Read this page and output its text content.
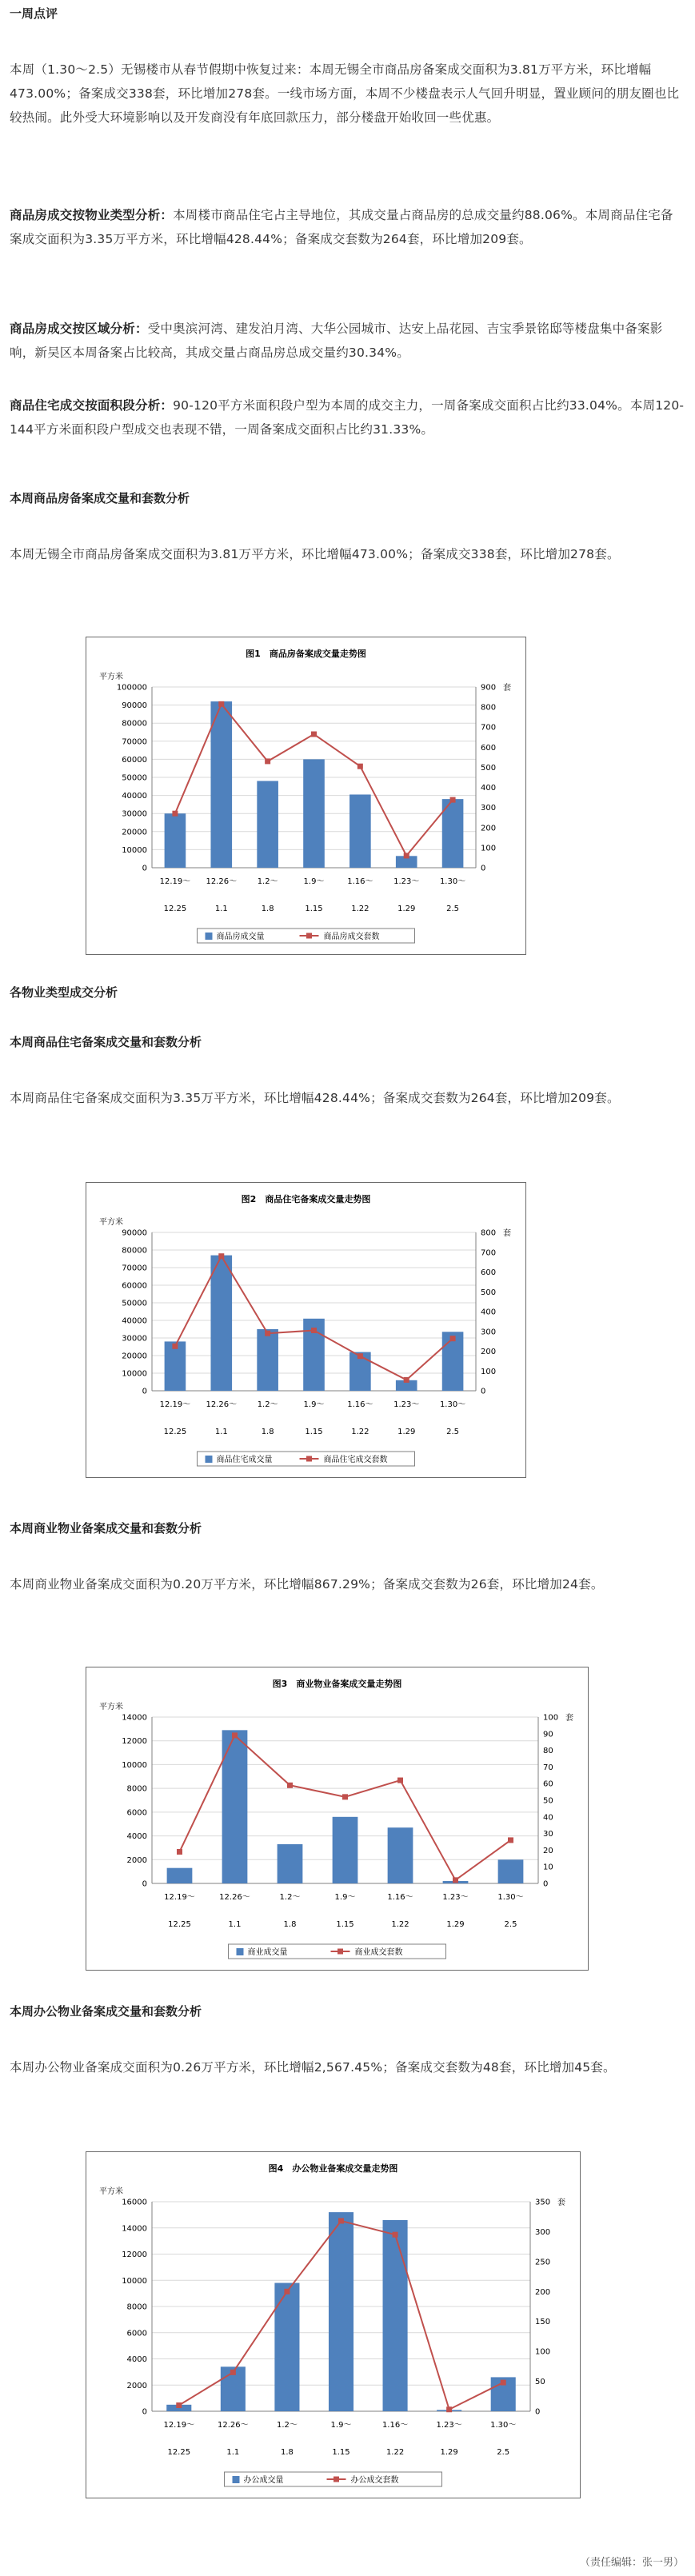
一周点评

本周（1.30～2.5）无锡楼市从春节假期中恢复过来：本周无锡全市商品房备案成交面积为3.81万平方米，环比增幅473.00%；备案成交338套，环比增加278套。一线市场方面，本周不少楼盘表示人气回升明显，置业顾问的朋友圈也比较热闹。此外受大环境影响以及开发商没有年底回款压力，部分楼盘开始收回一些优惠。

商品房成交按物业类型分析：本周楼市商品住宅占主导地位，其成交量占商品房的总成交量约88.06%。本周商品住宅备案成交面积为3.35万平方米，环比增幅428.44%；备案成交套数为264套，环比增加209套。

商品房成交按区域分析：受中奥滨河湾、建发泊月湾、大华公园城市、达安上品花园、吉宝季景铭邸等楼盘集中备案影响，新吴区本周备案占比较高，其成交量占商品房总成交量约30.34%。

商品住宅成交按面积段分析：90-120平方米面积段户型为本周的成交主力，一周备案成交面积占比约33.04%。本周120-144平方米面积段户型成交也表现不错，一周备案成交面积占比约31.33%。

本周商品房备案成交量和套数分析

本周无锡全市商品房备案成交面积为3.81万平方米，环比增幅473.00%；备案成交338套，环比增加278套。

图1　商品房备案成交量走势图
平方米
套
0
10000
20000
30000
40000
50000
60000
70000
80000
90000
100000
0
100
200
300
400
500
600
700
800
900
12.19～ 12.26～	1.2～	1.9～	1.16～	1.23～	1.30～
12.25	1.1	1.8	1.15	1.22	1.29	2.5
商品房成交量	商品房成交套数
各物业类型成交分析
本周商品住宅备案成交量和套数分析

本周商品住宅备案成交面积为3.35万平方米，环比增幅428.44%；备案成交套数为264套，环比增加209套。

图2　商品住宅备案成交量走势图
平方米
套
0
10000
20000
30000
40000
50000
60000
70000
80000
90000
0
100
200
300
400
500
600
700
800
12.19～ 12.26～	1.2～	1.9～	1.16～	1.23～	1.30～
12.25	1.1	1.8	1.15	1.22	1.29	2.5
商品住宅成交量	商品住宅成交套数
本周商业物业备案成交量和套数分析

本周商业物业备案成交面积为0.20万平方米，环比增幅867.29%；备案成交套数为26套，环比增加24套。

图3　商业物业备案成交量走势图
平方米
套
0
2000
4000
6000
8000
10000
12000
14000
0
10
20
30
40
50
60
70
80
90
100
12.19～	12.26～	1.2～	1.9～	1.16～	1.23～	1.30～
12.25	1.1	1.8	1.15	1.22	1.29	2.5
商业成交量	商业成交套数
本周办公物业备案成交量和套数分析

本周办公物业备案成交面积为0.26万平方米，环比增幅2,567.45%；备案成交套数为48套，环比增加45套。

图4　办公物业备案成交量走势图
平方米
套
0
2000
4000
6000
8000
10000
12000
14000
16000
0
50
100
150
200
250
300
350
12.19～	12.26～	1.2～	1.9～	1.16～	1.23～	1.30～
12.25	1.1	1.8	1.15	1.22	1.29	2.5
办公成交量	办公成交套数
（责任编辑：张一男）
